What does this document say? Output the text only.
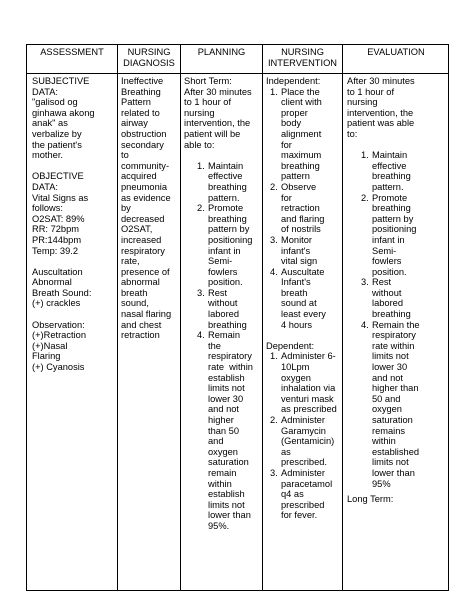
ASSESSMENT	NURSING
DIAGNOSIS
PLANNING	NURSING
INTERVENTION
EVALUATION
SUBJECTIVE
DATA:
"galisod og
ginhawa akong
anak" as
verbalize by
the patient's
mother.
OBJECTIVE
DATA:
Vital Signs as
follows:
O2SAT: 89%
RR: 72bpm
PR:144bpm
Temp: 39.2
Auscultation
Abnormal
Breath Sound:
(+) crackles
Observation:
(+)Retraction
(+)Nasal
Flaring
(+) Cyanosis
Ineffective
Breathing
Pattern
related to
airway
obstruction
secondary
to
community-
acquired
pneumonia
as evidence
by
decreased
O2SAT,
increased
respiratory
rate,
presence of
abnormal
breath
sound,
nasal flaring
and chest
retraction
Short Term:
After 30 minutes
to 1 hour of
nursing
intervention, the
patient will be
able to:
1. Maintain
effective
breathing
pattern.
2. Promote
breathing
pattern by
positioning
infant in
Semi-
fowlers
position.
3. Rest
without
labored
breathing
4. Remain
the
respiratory
rate  within
establish
limits not
lower 30
and not
higher
than 50
and
oxygen
saturation
remain
within
establish
limits not
lower than
95%.
Independent:
1. Place the
client with
proper
body
alignment
for
maximum
breathing
pattern
2. Observe
for
retraction
and flaring
of nostrils
3. Monitor
infant's
vital sign
4. Auscultate
Infant's
breath
sound at
least every
4 hours
Dependent:
1. Administer 6-
10Lpm
oxygen
inhalation via
venturi mask
as prescribed
2. Administer
Garamycin
(Gentamicin)
as
prescribed.
3. Administer
paracetamol
q4 as
prescribed
for fever.
After 30 minutes
to 1 hour of
nursing
intervention, the
patient was able
to:
1. Maintain
effective
breathing
pattern.
2. Promote
breathing
pattern by
positioning
infant in
Semi-
fowlers
position.
3. Rest
without
labored
breathing
4. Remain the
respiratory
rate within
limits not
lower 30
and not
higher than
50 and
oxygen
saturation
remains
within
established
limits not
lower than
95%
Long Term:
